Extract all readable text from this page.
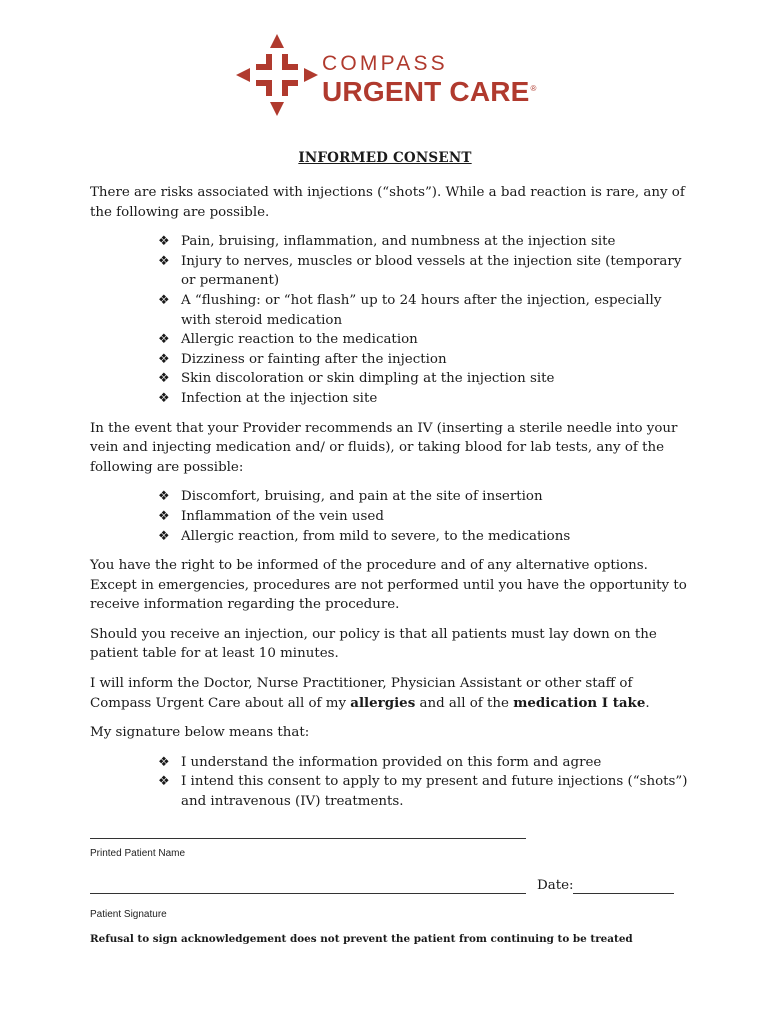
COMPASS
URGENT CARE®
INFORMED CONSENT

There are risks associated with injections (“shots”). While a bad reaction is rare, any of the following are possible.

❖ Pain, bruising, inflammation, and numbness at the injection site
❖ Injury to nerves, muscles or blood vessels at the injection site (temporary or permanent)
❖ A “flushing: or “hot flash” up to 24 hours after the injection, especially with steroid medication
❖ Allergic reaction to the medication
❖ Dizziness or fainting after the injection
❖ Skin discoloration or skin dimpling at the injection site
❖ Infection at the injection site

In the event that your Provider recommends an IV (inserting a sterile needle into your vein and injecting medication and/ or fluids), or taking blood for lab tests, any of the following are possible:

❖ Discomfort, bruising, and pain at the site of insertion
❖ Inflammation of the vein used
❖ Allergic reaction, from mild to severe, to the medications

You have the right to be informed of the procedure and of any alternative options. Except in emergencies, procedures are not performed until you have the opportunity to receive information regarding the procedure.

Should you receive an injection, our policy is that all patients must lay down on the patient table for at least 10 minutes.

I will inform the Doctor, Nurse Practitioner, Physician Assistant or other staff of Compass Urgent Care about all of my allergies and all of the medication I take.

My signature below means that:

❖ I understand the information provided on this form and agree
❖ I intend this consent to apply to my present and future injections (“shots”) and intravenous (IV) treatments.
Printed Patient Name
Date:
Patient Signature
Refusal to sign acknowledgement does not prevent the patient from continuing to be treated
